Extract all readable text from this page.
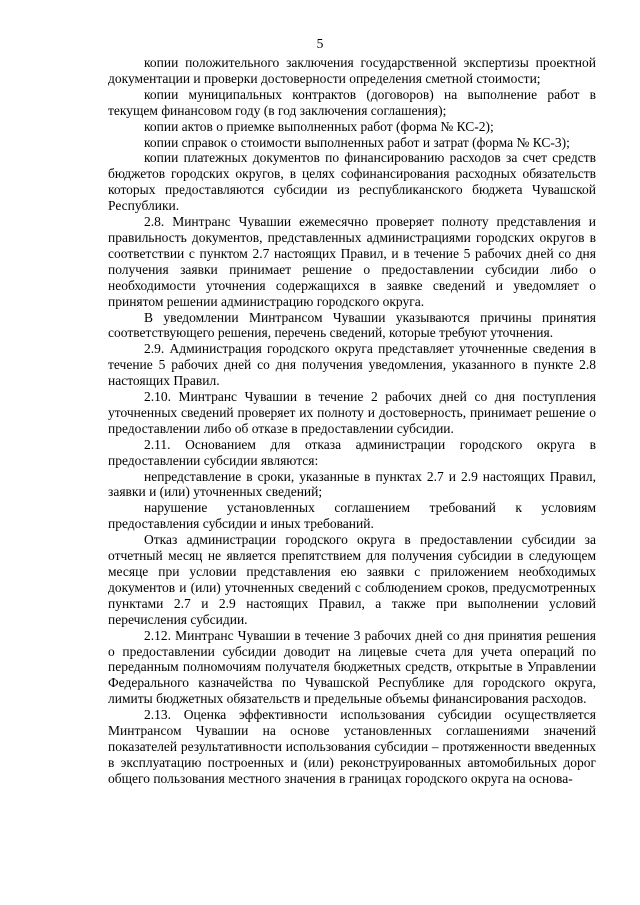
5

копии положительного заключения государственной экспертизы проектной документации и проверки достоверности определения сметной стоимости;

копии муниципальных контрактов (договоров) на выполнение работ в текущем финансовом году (в год заключения соглашения);

копии актов о приемке выполненных работ (форма № КС-2);

копии справок о стоимости выполненных работ и затрат (форма № КС-3);

копии платежных документов по финансированию расходов за счет средств бюджетов городских округов, в целях софинансирования расходных обязательств которых предоставляются субсидии из республиканского бюджета Чувашской Республики.

2.8. Минтранс Чувашии ежемесячно проверяет полноту представления и правильность документов, представленных администрациями городских округов в соответствии с пунктом 2.7 настоящих Правил, и в течение 5 рабочих дней со дня получения заявки принимает решение о предоставлении субсидии либо о необходимости уточнения содержащихся в заявке сведений и уведомляет о принятом решении администрацию городского округа.

В уведомлении Минтрансом Чувашии указываются причины принятия соответствующего решения, перечень сведений, которые требуют уточнения.

2.9. Администрация городского округа представляет уточненные сведения в течение 5 рабочих дней со дня получения уведомления, указанного в пункте 2.8 настоящих Правил.

2.10. Минтранс Чувашии в течение 2 рабочих дней со дня поступления уточненных сведений проверяет их полноту и достоверность, принимает решение о предоставлении либо об отказе в предоставлении субсидии.

2.11. Основанием для отказа администрации городского округа в предоставлении субсидии являются:

непредставление в сроки, указанные в пунктах 2.7 и 2.9 настоящих Правил, заявки и (или) уточненных сведений;

нарушение установленных соглашением требований к условиям предоставления субсидии и иных требований.

Отказ администрации городского округа в предоставлении субсидии за отчетный месяц не является препятствием для получения субсидии в следующем месяце при условии представления ею заявки с приложением необходимых документов и (или) уточненных сведений с соблюдением сроков, предусмотренных пунктами 2.7 и 2.9 настоящих Правил, а также при выполнении условий перечисления субсидии.

2.12. Минтранс Чувашии в течение 3 рабочих дней со дня принятия решения о предоставлении субсидии доводит на лицевые счета для учета операций по переданным полномочиям получателя бюджетных средств, открытые в Управлении Федерального казначейства по Чувашской Республике для городского округа, лимиты бюджетных обязательств и предельные объемы финансирования расходов.

2.13. Оценка эффективности использования субсидии осуществляется Минтрансом Чувашии на основе установленных соглашениями значений показателей результативности использования субсидии – протяженности введенных в эксплуатацию построенных и (или) реконструированных автомобильных дорог общего пользования местного значения в границах городского округа на основа-
